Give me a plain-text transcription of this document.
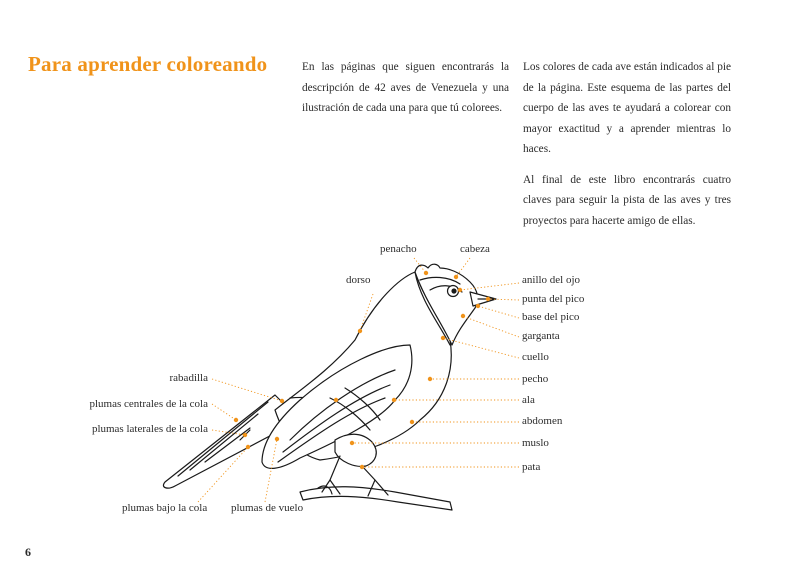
Para aprender coloreando	En las páginas que siguen encontrarás la descripción de 42 aves de Venezuela y una ilustración de cada una para que tú colorees.

Los colores de cada ave están indicados al pie de la página. Este esquema de las partes del cuerpo de las aves te ayudará a colorear con mayor exactitud y a aprender mientras lo haces.

Al final de este libro encontrarás cuatro claves para seguir la pista de las aves y tres proyectos para hacerte amigo de ellas.

penacho	cabeza
dorso	anillo del ojo
punta del pico
base del pico
garganta
cuello
pecho
ala
abdomen
muslo
pata
rabadilla
plumas centrales de la cola
plumas laterales de la cola
plumas bajo la cola plumas de vuelo
6
